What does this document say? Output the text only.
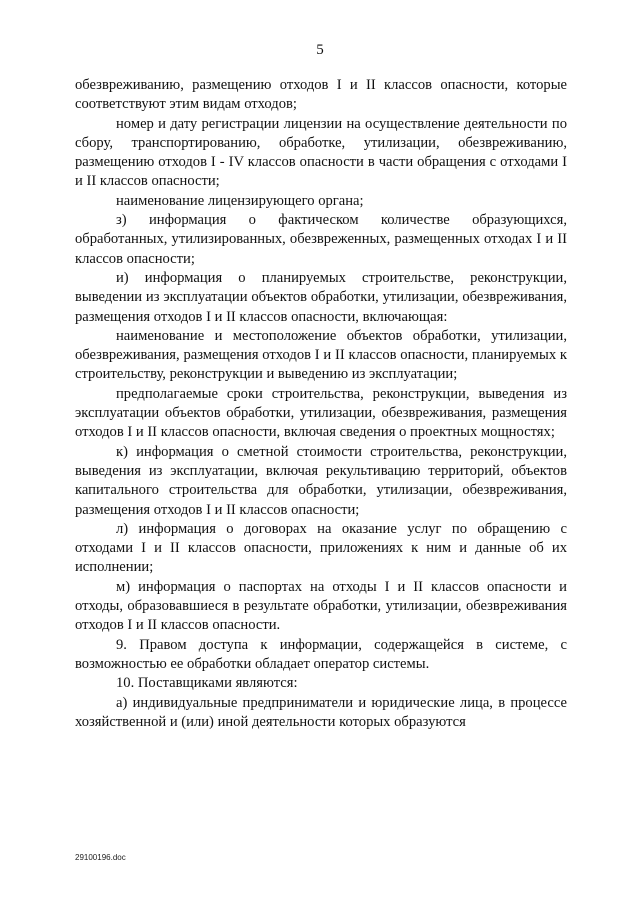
5

обезвреживанию, размещению отходов I и II классов опасности, которые соответствуют этим видам отходов;

номер и дату регистрации лицензии на осуществление деятельности по сбору, транспортированию, обработке, утилизации, обезвреживанию, размещению отходов I - IV классов опасности в части обращения с отходами I и II классов опасности;

наименование лицензирующего органа;

з) информация о фактическом количестве образующихся, обработанных, утилизированных, обезвреженных, размещенных отходах I и II классов опасности;

и) информация о планируемых строительстве, реконструкции, выведении из эксплуатации объектов обработки, утилизации, обезвреживания, размещения отходов I и II классов опасности, включающая:

наименование и местоположение объектов обработки, утилизации, обезвреживания, размещения отходов I и II классов опасности, планируемых к строительству, реконструкции и выведению из эксплуатации;

предполагаемые сроки строительства, реконструкции, выведения из эксплуатации объектов обработки, утилизации, обезвреживания, размещения отходов I и II классов опасности, включая сведения о проектных мощностях;

к) информация о сметной стоимости строительства, реконструкции, выведения из эксплуатации, включая рекультивацию территорий, объектов капитального строительства для обработки, утилизации, обезвреживания, размещения отходов I и II классов опасности;

л) информация о договорах на оказание услуг по обращению с отходами I и II классов опасности, приложениях к ним и данные об их исполнении;

м) информация о паспортах на отходы I и II классов опасности и отходы, образовавшиеся в результате обработки, утилизации, обезвреживания отходов I и II классов опасности.

9. Правом доступа к информации, содержащейся в системе, с возможностью ее обработки обладает оператор системы.

10. Поставщиками являются:

а) индивидуальные предприниматели и юридические лица, в процессе хозяйственной и (или) иной деятельности которых образуются

29100196.doc
